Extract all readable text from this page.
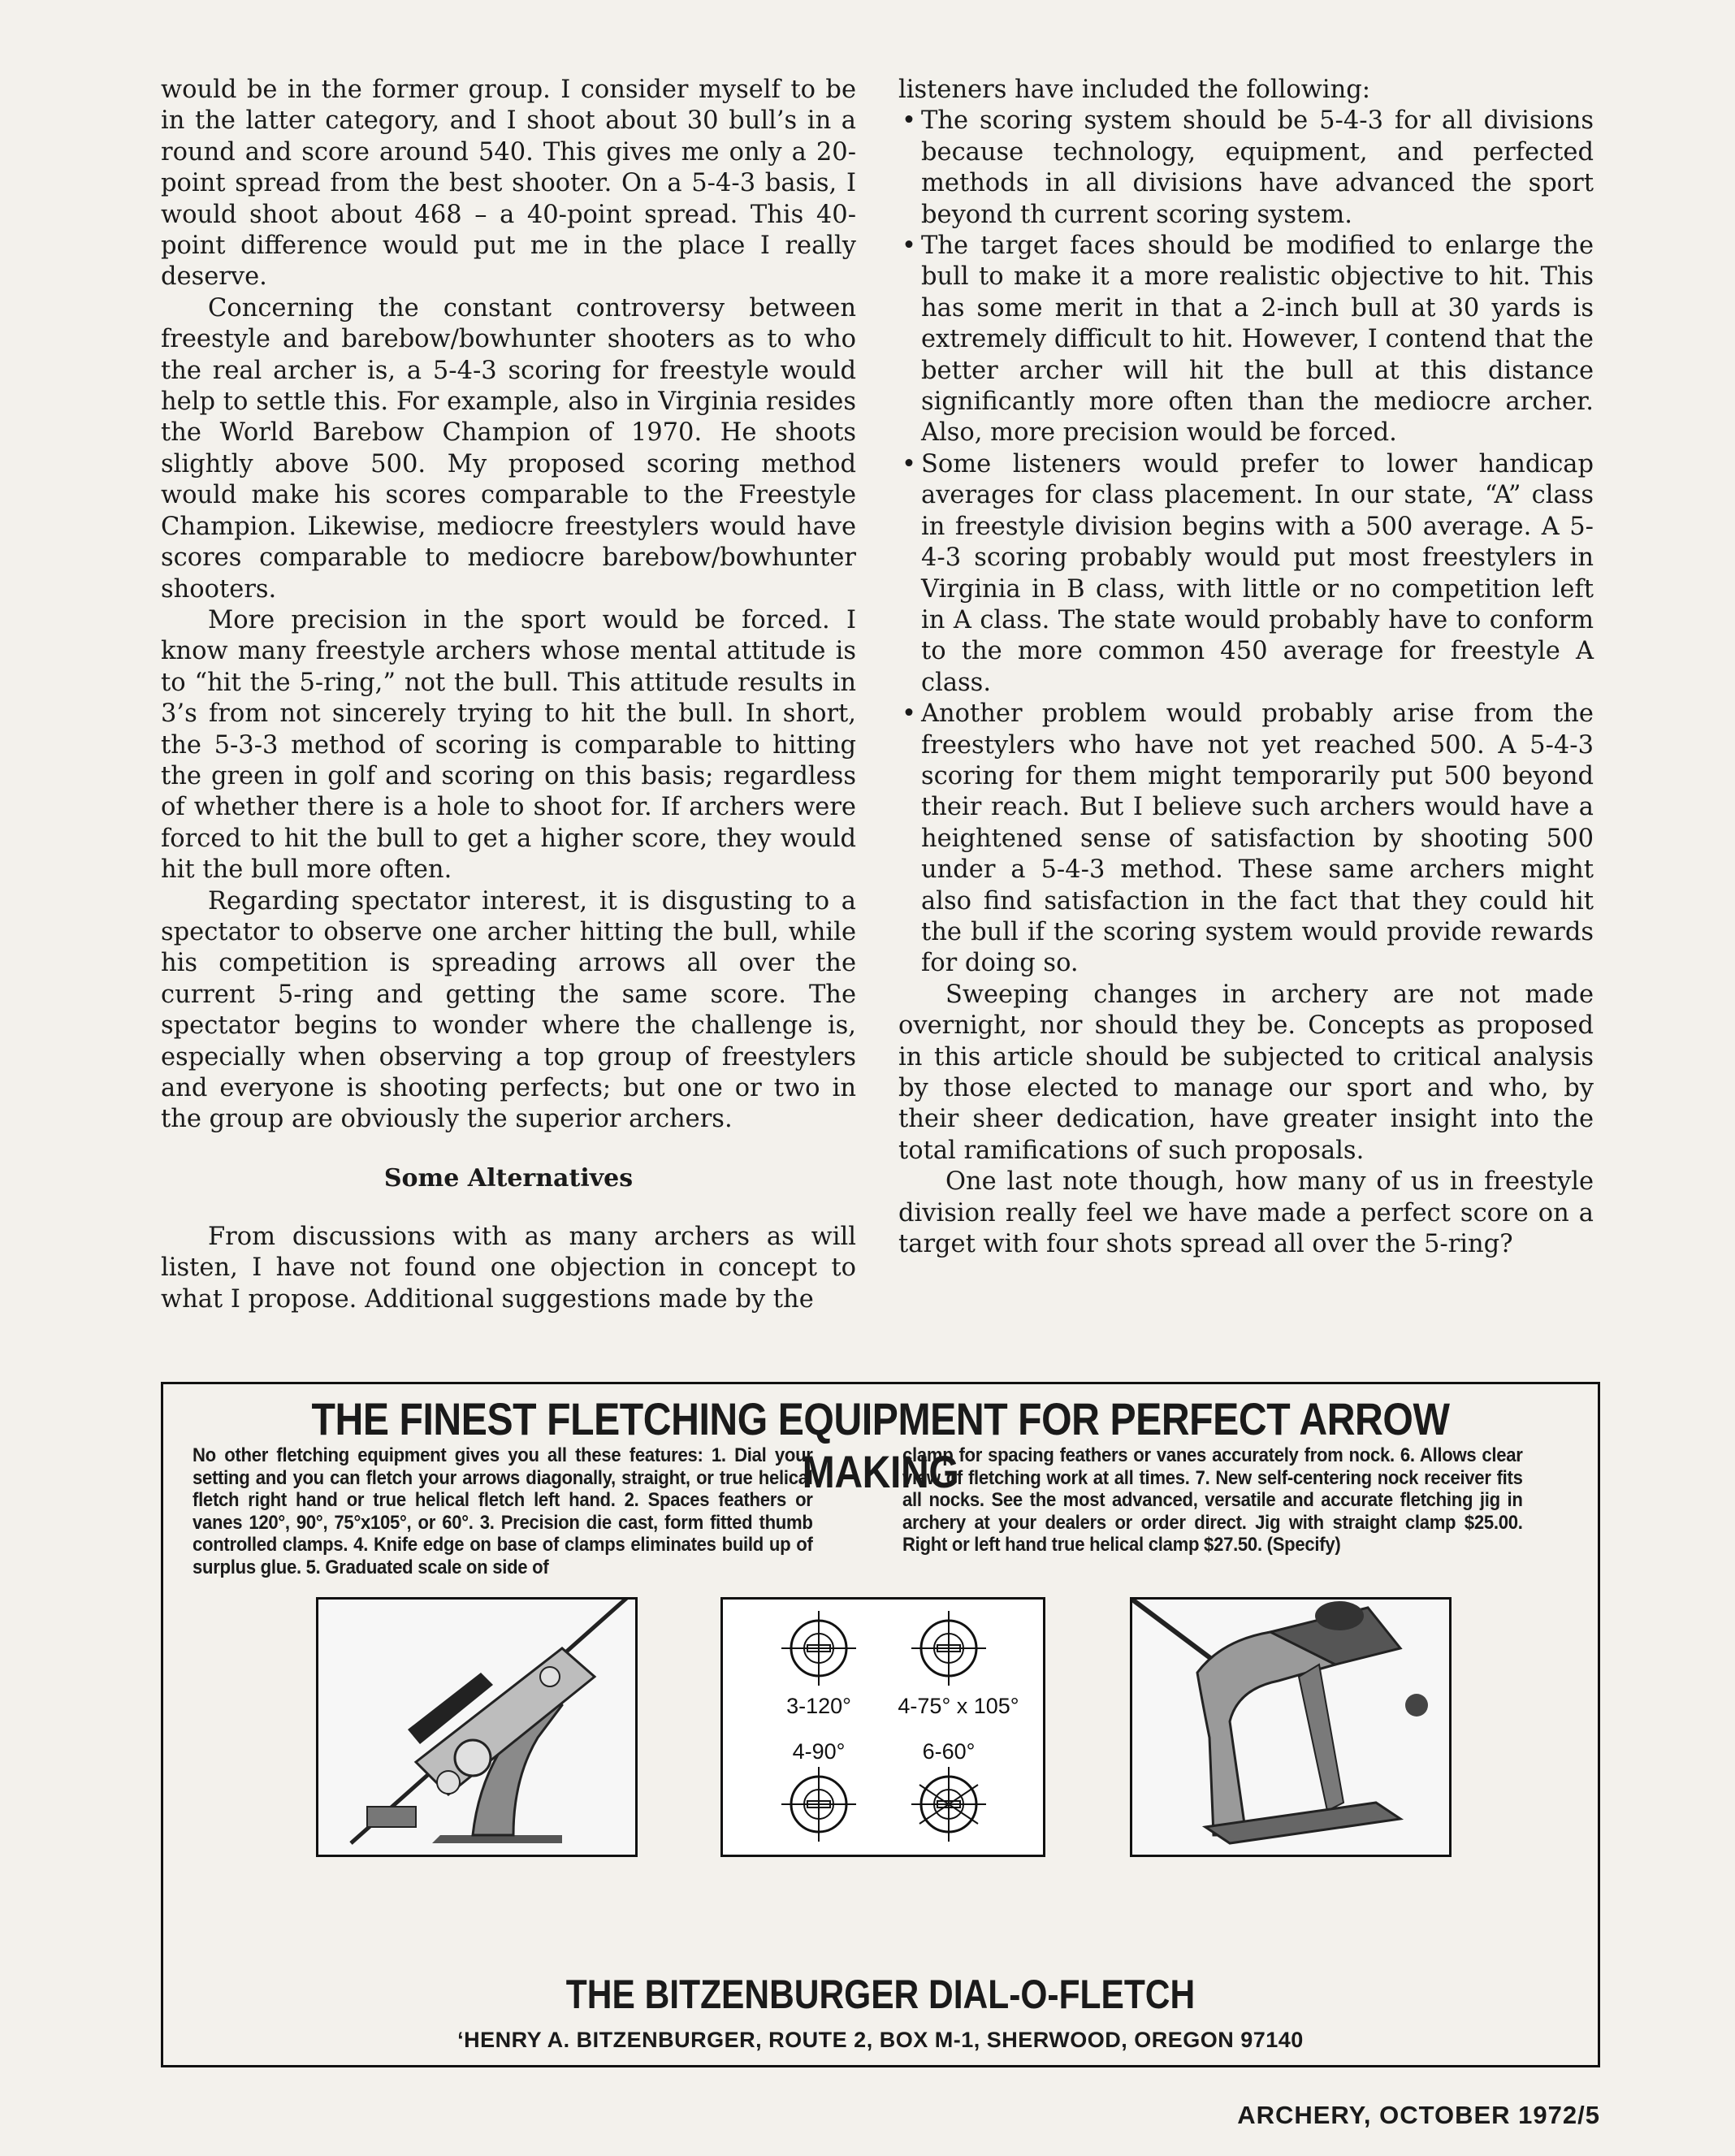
would be in the former group. I consider myself to be in the latter category, and I shoot about 30 bull’s in a round and score around 540. This gives me only a 20-point spread from the best shooter. On a 5-4-3 basis, I would shoot about 468 – a 40-point spread. This 40-point difference would put me in the place I really deserve.

Concerning the constant controversy between freestyle and barebow/bowhunter shooters as to who the real archer is, a 5-4-3 scoring for freestyle would help to settle this. For example, also in Virginia resides the World Barebow Champion of 1970. He shoots slightly above 500. My proposed scoring method would make his scores comparable to the Freestyle Champion. Likewise, mediocre freestylers would have scores comparable to mediocre barebow/bowhunter shooters.

More precision in the sport would be forced. I know many freestyle archers whose mental attitude is to “hit the 5-ring,” not the bull. This attitude results in 3’s from not sincerely trying to hit the bull. In short, the 5-3-3 method of scoring is comparable to hitting the green in golf and scoring on this basis; regardless of whether there is a hole to shoot for. If archers were forced to hit the bull to get a higher score, they would hit the bull more often.

Regarding spectator interest, it is disgusting to a spectator to observe one archer hitting the bull, while his competition is spreading arrows all over the current 5-ring and getting the same score. The spectator begins to wonder where the challenge is, especially when observing a top group of freestylers and everyone is shooting perfects; but one or two in the group are obviously the superior archers.

Some Alternatives

From discussions with as many archers as will listen, I have not found one objection in concept to what I propose. Additional suggestions made by the

listeners have included the following:

• The scoring system should be 5-4-3 for all divisions because technology, equipment, and perfected methods in all divisions have advanced the sport beyond th current scoring system.
• The target faces should be modified to enlarge the bull to make it a more realistic objective to hit. This has some merit in that a 2-inch bull at 30 yards is extremely difficult to hit. However, I contend that the better archer will hit the bull at this distance significantly more often than the mediocre archer. Also, more precision would be forced.
• Some listeners would prefer to lower handicap averages for class placement. In our state, “A” class in freestyle division begins with a 500 average. A 5-4-3 scoring probably would put most freestylers in Virginia in B class, with little or no competition left in A class. The state would probably have to conform to the more common 450 average for freestyle A class.
• Another problem would probably arise from the freestylers who have not yet reached 500. A 5-4-3 scoring for them might temporarily put 500 beyond their reach. But I believe such archers would have a heightened sense of satisfaction by shooting 500 under a 5-4-3 method. These same archers might also find satisfaction in the fact that they could hit the bull if the scoring system would provide rewards for doing so.

Sweeping changes in archery are not made overnight, nor should they be. Concepts as proposed in this article should be subjected to critical analysis by those elected to manage our sport and who, by their sheer dedication, have greater insight into the total ramifications of such proposals.

One last note though, how many of us in freestyle division really feel we have made a perfect score on a target with four shots spread all over the 5-ring?

THE FINEST FLETCHING EQUIPMENT FOR PERFECT ARROW MAKING
No other fletching equipment gives you all these features: 1. Dial your setting and you can fletch your arrows diagonally, straight, or true helical fletch right hand or true helical fletch left hand. 2. Spaces feathers or vanes 120°, 90°, 75°x105°, or 60°. 3. Precision die cast, form fitted thumb controlled clamps. 4. Knife edge on base of clamps eliminates build up of surplus glue. 5. Graduated scale on side of
clamp for spacing feathers or vanes accurately from nock. 6. Allows clear view of fletching work at all times. 7. New self-centering nock receiver fits all nocks. See the most advanced, versatile and accurate fletching jig in archery at your dealers or order direct. Jig with straight clamp $25.00. Right or left hand true helical clamp $27.50. (Specify)
3-120° 4-75° x 105°
4-90°	6-60°
THE BITZENBURGER DIAL-O-FLETCH
‘HENRY A. BITZENBURGER, ROUTE 2, BOX M-1, SHERWOOD, OREGON 97140
ARCHERY, OCTOBER 1972/5
